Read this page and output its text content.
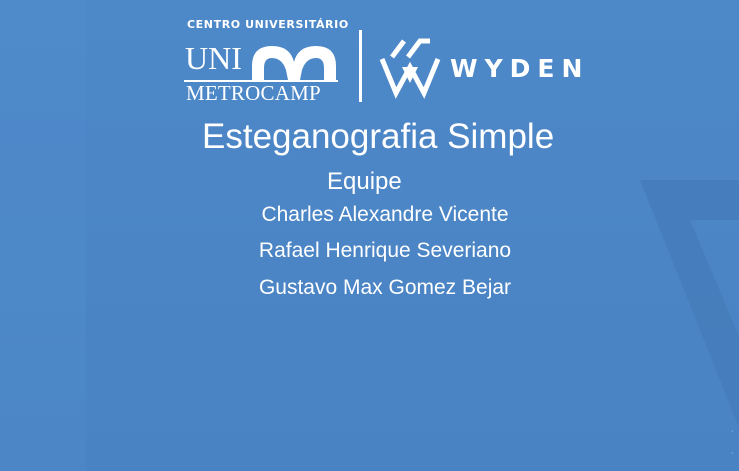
CENTRO UNIVERSITÁRIO
UNI
METROCAMP
WYDEN
Esteganografia Simple
Equipe
Charles Alexandre Vicente
Rafael Henrique Severiano
Gustavo Max Gomez Bejar
·
·
